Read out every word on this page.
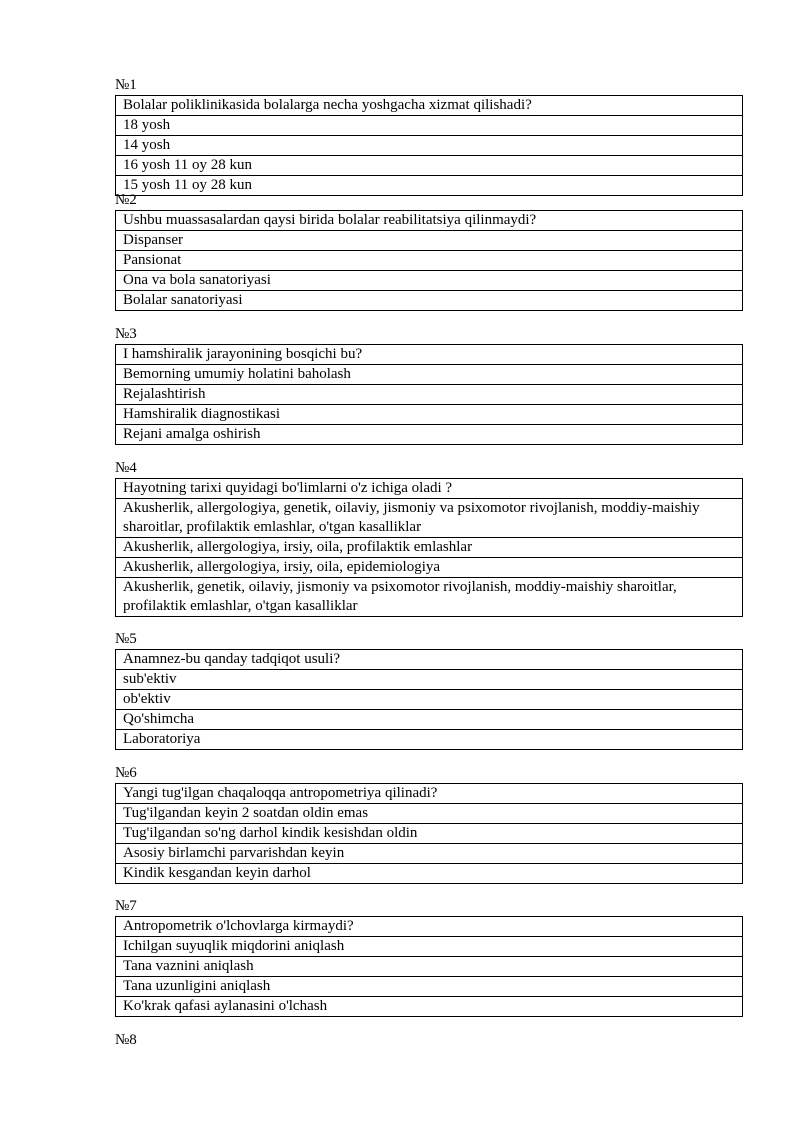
№1
Bolalar poliklinikasida bolalarga necha yoshgacha xizmat qilishadi?
18 yosh
14 yosh
16 yosh 11 oy 28 kun
15 yosh 11 oy 28 kun
№2
Ushbu muassasalardan qaysi birida bolalar reabilitatsiya qilinmaydi?
Dispanser
Pansionat
Ona va bola sanatoriyasi
Bolalar sanatoriyasi
№3
I hamshiralik jarayonining bosqichi bu?
Bemorning umumiy holatini baholash
Rejalashtirish
Hamshiralik diagnostikasi
Rejani amalga oshirish
№4
Hayotning tarixi quyidagi bo'limlarni o'z ichiga oladi ?
Akusherlik, allergologiya, genetik, oilaviy, jismoniy va psixomotor rivojlanish, moddiy-maishiy sharoitlar, profilaktik emlashlar, o'tgan kasalliklar
Akusherlik, allergologiya, irsiy, oila, profilaktik emlashlar
Akusherlik, allergologiya, irsiy, oila, epidemiologiya
Akusherlik, genetik, oilaviy, jismoniy va psixomotor rivojlanish, moddiy-maishiy sharoitlar, profilaktik emlashlar, o'tgan kasalliklar
№5
Anamnez-bu qanday tadqiqot usuli?
sub'ektiv
ob'ektiv
Qo'shimcha
Laboratoriya
№6
Yangi tug'ilgan chaqaloqqa antropometriya qilinadi?
Tug'ilgandan keyin 2 soatdan oldin emas
Tug'ilgandan so'ng darhol kindik kesishdan oldin
Asosiy birlamchi parvarishdan keyin
Kindik kesgandan keyin darhol
№7
Antropometrik o'lchovlarga kirmaydi?
Ichilgan suyuqlik miqdorini aniqlash
Tana vaznini aniqlash
Tana uzunligini aniqlash
Ko'krak qafasi aylanasini o'lchash
№8
